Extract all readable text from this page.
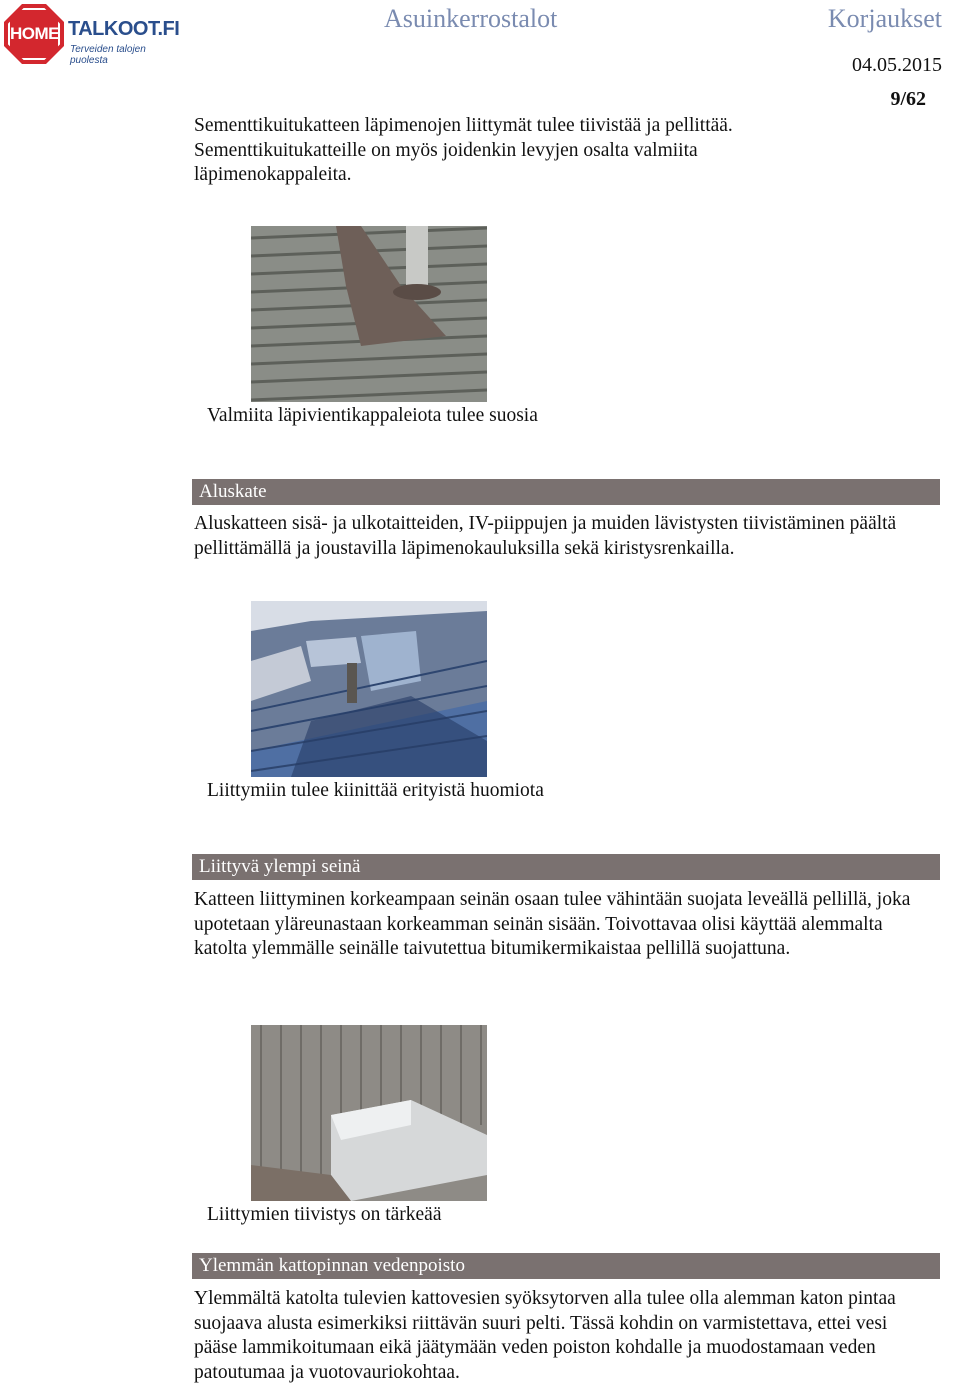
HOME TALKOOT.FI
Terveiden talojen puolesta
Asuinkerrostalot	Korjaukset
04.05.2015
9/62

Sementtikuitukatteen läpimenojen liittymät tulee tiivistää ja pellittää. Sementtikuitukatteille on myös joidenkin levyjen osalta valmiita läpimenokappaleita.

Valmiita läpivientikappaleiota tulee suosia

Aluskate

Aluskatteen sisä- ja ulkotaitteiden, IV-piippujen ja muiden lävistysten tiivistäminen päältä pellittämällä ja joustavilla läpimenokauluksilla sekä kiristysrenkailla.

Liittymiin tulee kiinittää erityistä huomiota

Liittyvä ylempi seinä

Katteen liittyminen korkeampaan seinän osaan tulee vähintään suojata leveällä pellillä, joka upotetaan yläreunastaan korkeamman seinän sisään. Toivottavaa olisi käyttää alemmalta katolta ylemmälle seinälle taivutettua bitumikermikaistaa pellillä suojattuna.

Liittymien tiivistys on tärkeää

Ylemmän kattopinnan vedenpoisto

Ylemmältä katolta tulevien kattovesien syöksytorven alla tulee olla alemman katon pintaa suojaava alusta esimerkiksi riittävän suuri pelti. Tässä kohdin on varmistettava, ettei vesi pääse lammikoitumaan eikä jäätymään veden poiston kohdalle ja muodostamaan veden patoutumaa ja vuotovauriokohtaa.
